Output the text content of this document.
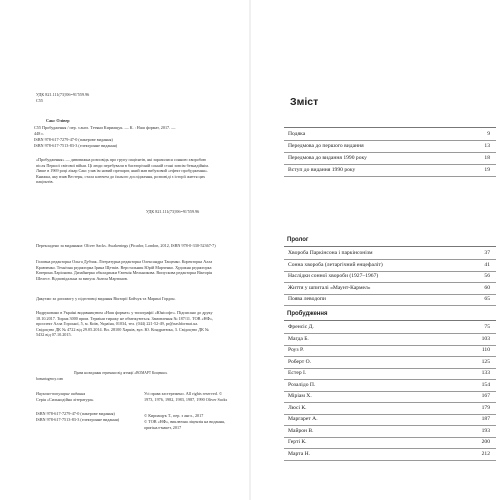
УДК 821.111(73)'06=91'559.96
С55
Сакс Олівер
С55 Пробудження / пер. з англ. Тетяни Кириащук. — К. : Наш формат, 2017. —
448 с.
ISBN 978-617-7279-47-0 (пакерове видання)
ISBN 978-617-7513-83-3 (електронне видання)
«Пробудження» — дивовижна розповідь про групу пацієнтів, які заразилися сонною хворобою після Першої світової війни. Ці люди перебували в багаторічній сонній стані зовсім безнадійнім. Лише в 1969 році лікар Сакс узяв їм новий препарат, який мав вибуховий «ефект пробудження». Книжка, яку взяв Вестерн, стала ключем до їхнього дослідження, розповіді з історії життя цих пацієнтів.
УДК 821.111(73)'06=91'559.96
Перекладено за виданням: Oliver Sacks. Awakenings (Picador, London, 2012, ISBN 978-0-330-52367-7)
Головна редакторка Ольга Дубчак. Літературна редакторка Олександра Тащенко. Коректорка Алла Кравченко. Технічна редакторка Ірина Щетків. Верстальник Юрій Марченко. Художня редакторка Катерина Ларіонова. Дизайнерка обкладинки Євгенія Мельникова. Випускова редакторка Вікторія Шелест. Відповідальна за випуск Антон Мартинов.
Дякуємо за допомогу у підготовці видання Вікторії Бойчук та Марині Гордон.
Надруковано в Україні видавництвом «Наш формат» у типографії «Юнісофт». Підписано до друку 18.10.2017. Тираж 3000 прим. Терміни тиражу не обмежуються. Замовлення № 187/11. ТОВ «НФ», проспект Алла Горської, 5, м. Київ, Україна, 01034, тел. (044) 221-52-49, pr@nashformat.ua. Свідоцтво ДК № 4722 від 29.05.2014. Вп. 28100 Харків, вул. Ю. Кондратюка, 3. Свідоцтво ДК № 5432 від 07.10.2015.
Права на видання отримано від агенції «BOMAPT Кощенко»
bomartagency.com
Науково-популярне видання
Серія «Сильнодійна література»
ISBN 978-617-7279-47-0 (пакерове видання)
ISBN 978-617-7513-83-3 (електронне видання)
Усі права застережено. All rights reserved. © 1973, 1976, 1982, 1983, 1987, 1990 Oliver Sacks
© Кириащук Т., пер. з англ., 2017
© ТОВ «НФ», виключна ліцензія на видання, оригінал-макет, 2017
Зміст
Подяка	9
Передмова до першого видання	13
Передмова до видання 1990 року	18
Вступ до видання 1990 року	19
Пролог
Хвороба Паркінсона і паркінсонізм	37
Сонна хвороба (летаргічний енцефаліт)	41
Наслідки сонної хвороби (1927–1967)	56
Життя у шпиталі «Маунт-Кармел»	60
Поява леводопи	65
Пробудження
Френсіс Д.	75
Магда Б.	103
Роуз Р.	110
Роберт О.	125
Естер І.	133
Розалідо П.	154
Міріам Х.	167
Люсі К.	179
Маргарет А.	187
Майрон В.	193
Гертi К.	200
Марта Н.	212
